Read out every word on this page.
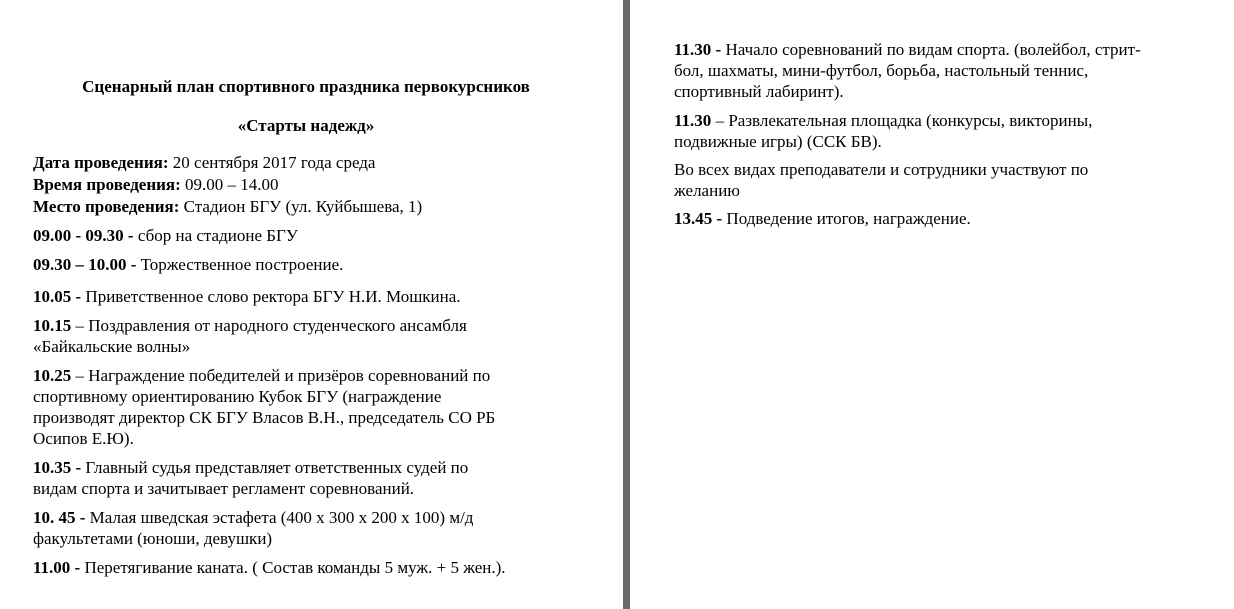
Сценарный план спортивного праздника первокурсников
«Старты надежд»
Дата проведения: 20 сентября 2017 года среда
Время проведения: 09.00 – 14.00
Место проведения: Стадион БГУ (ул. Куйбышева, 1)
09.00 - 09.30 - сбор на стадионе БГУ
09.30 – 10.00 - Торжественное построение.
10.05 - Приветственное слово ректора БГУ Н.И. Мошкина.
10.15 – Поздравления от народного студенческого ансамбля
«Байкальские волны»
10.25 – Награждение победителей и призёров соревнований по
спортивному ориентированию Кубок БГУ (награждение
производят директор СК БГУ Власов В.Н., председатель СО РБ
Осипов Е.Ю).
10.35 - Главный судья представляет ответственных судей по
видам спорта и зачитывает регламент соревнований.
10. 45 - Малая шведская эстафета (400 х 300 х 200 х 100) м/д
факультетами (юноши, девушки)
11.00 - Перетягивание каната. ( Состав команды 5 муж. + 5 жен.).
11.30 - Начало соревнований по видам спорта. (волейбол, стрит-
бол, шахматы, мини-футбол, борьба, настольный теннис,
спортивный лабиринт).
11.30 – Развлекательная площадка (конкурсы, викторины,
подвижные игры) (ССК БВ).
Во всех видах преподаватели и сотрудники участвуют по
желанию
13.45 - Подведение итогов, награждение.
